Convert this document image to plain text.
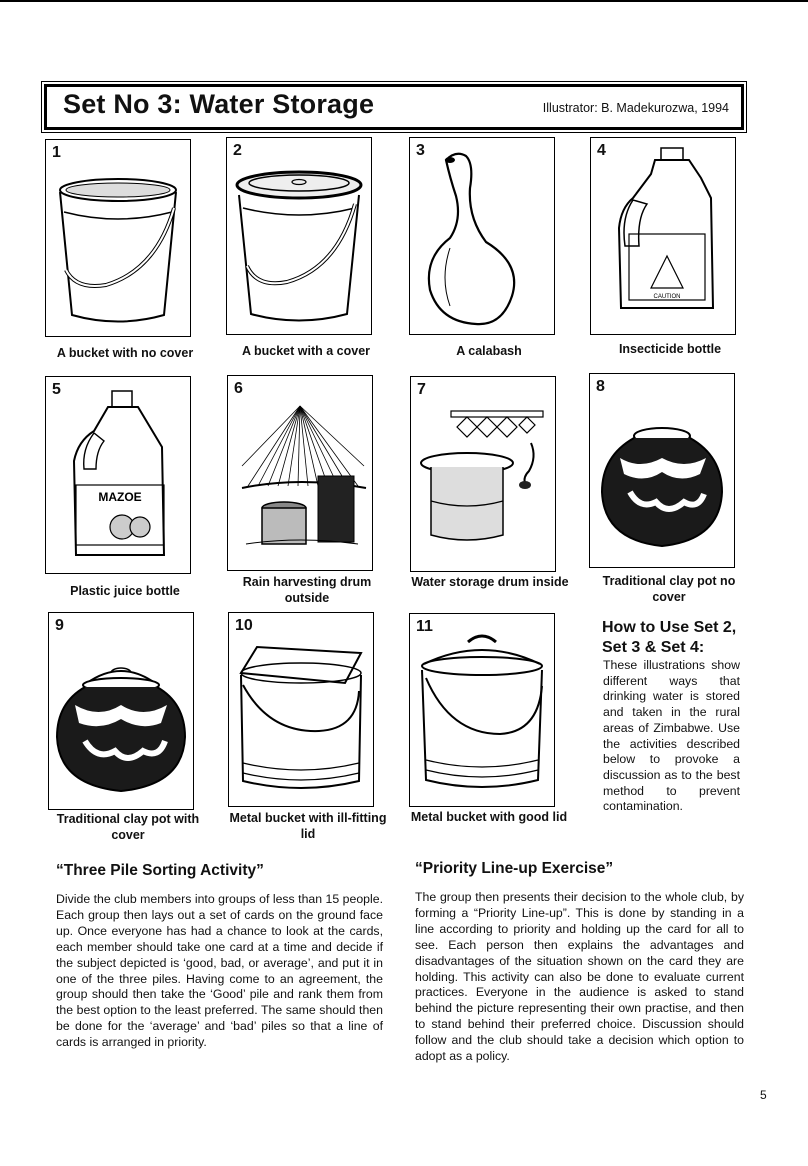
Set No 3: Water Storage	Illustrator: B. Madekurozwa, 1994
1
A bucket with no cover
2
A bucket with a cover
3
A calabash
4
CAUTION
Insecticide bottle
5
MAZOE
Plastic juice bottle
6
Rain harvesting drum outside
7
Water storage drum inside
8
Traditional clay pot no cover
9
Traditional clay pot with cover
10
Metal bucket with ill-fitting lid
11
Metal bucket with good lid
How to Use Set 2, Set 3 & Set 4:
These illustrations show different ways that drinking water is stored and taken in the rural areas of Zimbabwe. Use the activities described below to provoke a discussion as to the best method to prevent contamination.
“Three Pile Sorting Activity”
Divide the club members into groups of less than 15 people. Each group then lays out a set of cards on the ground face up. Once everyone has had a chance to look at the cards, each member should take one card at a time and decide if the subject depicted is ‘good, bad, or average’, and put it in one of the three piles. Having come to an agreement, the group should then take the ‘Good’ pile and rank them from the best option to the least preferred. The same should then be done for the ‘average’ and ‘bad’ piles so that a line of cards is arranged in priority.
“Priority Line-up Exercise”
The group then presents their decision to the whole club, by forming a “Priority Line-up”. This is done by standing in a line according to priority and holding up the card for all to see. Each person then explains the advantages and disadvantages of the situation shown on the card they are holding. This activity can also be done to evaluate current practices. Everyone in the audience is asked to stand behind the picture representing their own practise, and then to stand behind their preferred choice. Discussion should follow and the club should take a decision which option to adopt as a policy.
5
